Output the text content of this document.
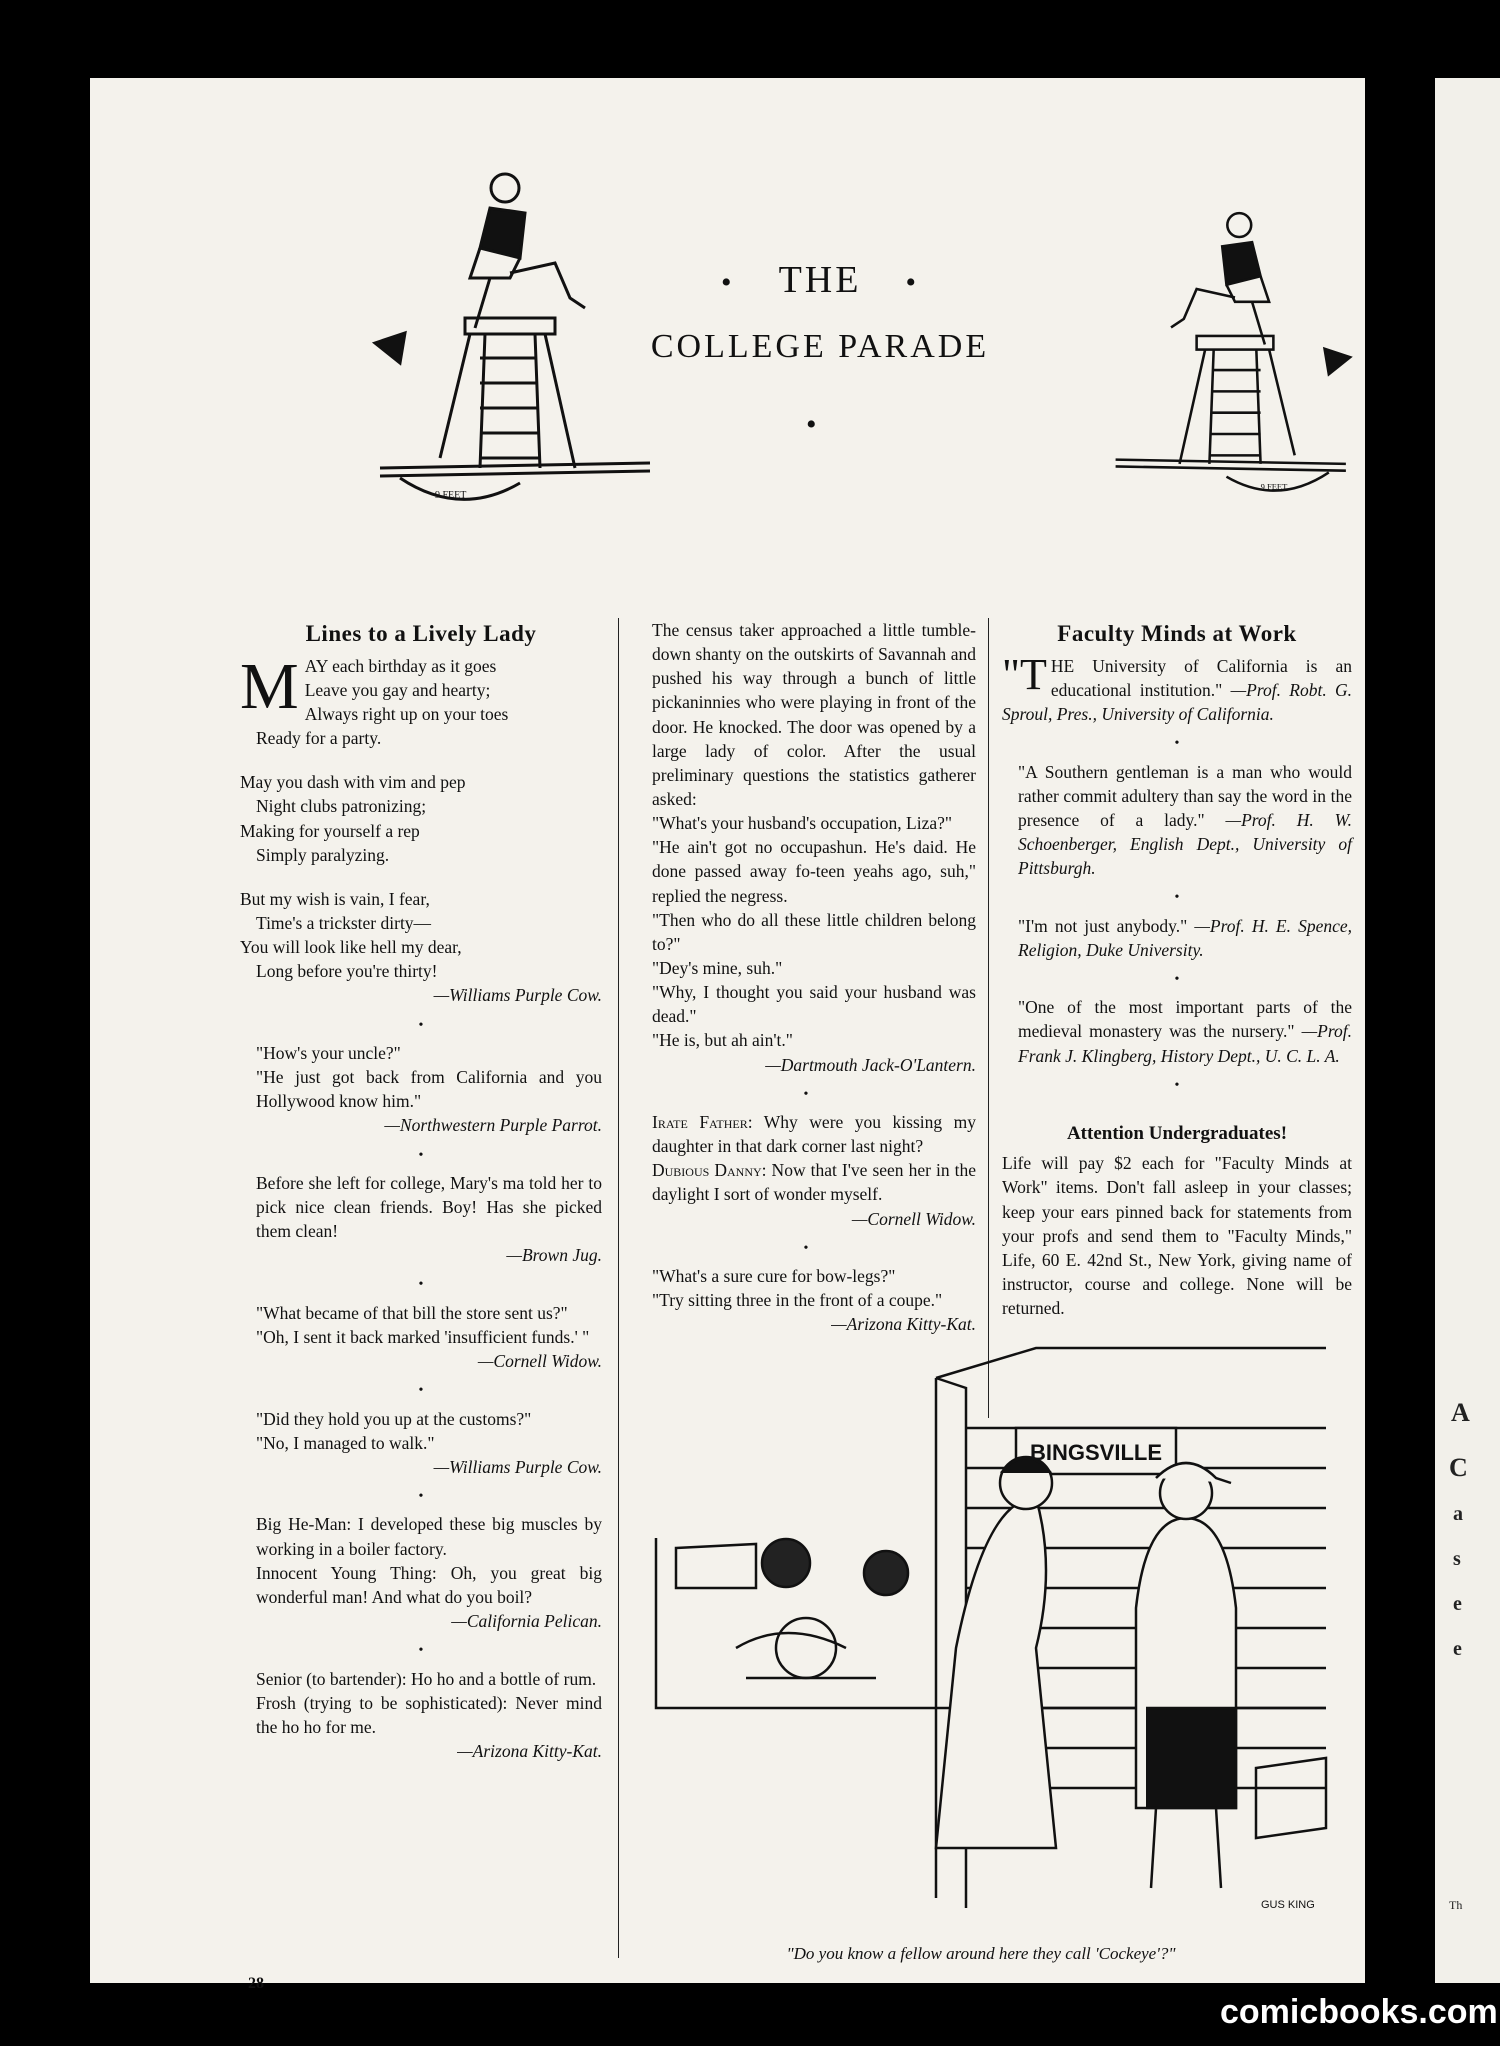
9 FEET
• THE •
COLLEGE PARADE
•
9 FEET
Lines to a Lively Lady
M AY each birthday as it goes

Leave you gay and hearty;

Always right up on your toes

Ready for a party.

May you dash with vim and pep

Night clubs patronizing;

Making for yourself a rep

Simply paralyzing.

But my wish is vain, I fear,

Time's a trickster dirty—

You will look like hell my dear,

Long before you're thirty!

—Williams Purple Cow.

•

"How's your uncle?"

"He just got back from California and you Hollywood know him."

—Northwestern Purple Parrot.

•

Before she left for college, Mary's ma told her to pick nice clean friends. Boy! Has she picked them clean!

—Brown Jug.

•

"What became of that bill the store sent us?"

"Oh, I sent it back marked 'insufficient funds.' "

—Cornell Widow.

•

"Did they hold you up at the customs?"

"No, I managed to walk."

—Williams Purple Cow.

•

Big He-Man: I developed these big muscles by working in a boiler factory.

Innocent Young Thing: Oh, you great big wonderful man! And what do you boil?

—California Pelican.

•

Senior (to bartender): Ho ho and a bottle of rum.

Frosh (trying to be sophisticated): Never mind the ho ho for me.

—Arizona Kitty-Kat.

The census taker approached a little tumble-down shanty on the outskirts of Savannah and pushed his way through a bunch of little pickaninnies who were playing in front of the door. He knocked. The door was opened by a large lady of color. After the usual preliminary questions the statistics gatherer asked:

"What's your husband's occupation, Liza?"

"He ain't got no occupashun. He's daid. He done passed away fo-teen yeahs ago, suh," replied the negress.

"Then who do all these little children belong to?"

"Dey's mine, suh."

"Why, I thought you said your husband was dead."

"He is, but ah ain't."

—Dartmouth Jack-O'Lantern.

•

Irate Father: Why were you kissing my daughter in that dark corner last night?

Dubious Danny: Now that I've seen her in the daylight I sort of wonder myself.

—Cornell Widow.

•

"What's a sure cure for bow-legs?"

"Try sitting three in the front of a coupe."

—Arizona Kitty-Kat.

Faculty Minds at Work
"T HE University of California is an educational institution." —Prof. Robt. G. Sproul, Pres., University of California.
•

"A Southern gentleman is a man who would rather commit adultery than say the word in the presence of a lady." —Prof. H. W. Schoenberger, English Dept., University of Pittsburgh.

•

"I'm not just anybody." —Prof. H. E. Spence, Religion, Duke University.

•

"One of the most important parts of the medieval monastery was the nursery." —Prof. Frank J. Klingberg, History Dept., U. C. L. A.

•
Attention Undergraduates!

Life will pay $2 each for "Faculty Minds at Work" items. Don't fall asleep in your classes; keep your ears pinned back for statements from your profs and send them to "Faculty Minds," Life, 60 E. 42nd St., New York, giving name of instructor, course and college. None will be returned.

BINGSVILLE
GUS KING
"Do you know a fellow around here they call 'Cockeye'?"
28
A
C
a
s
e
e
Th
comicbooks.com
